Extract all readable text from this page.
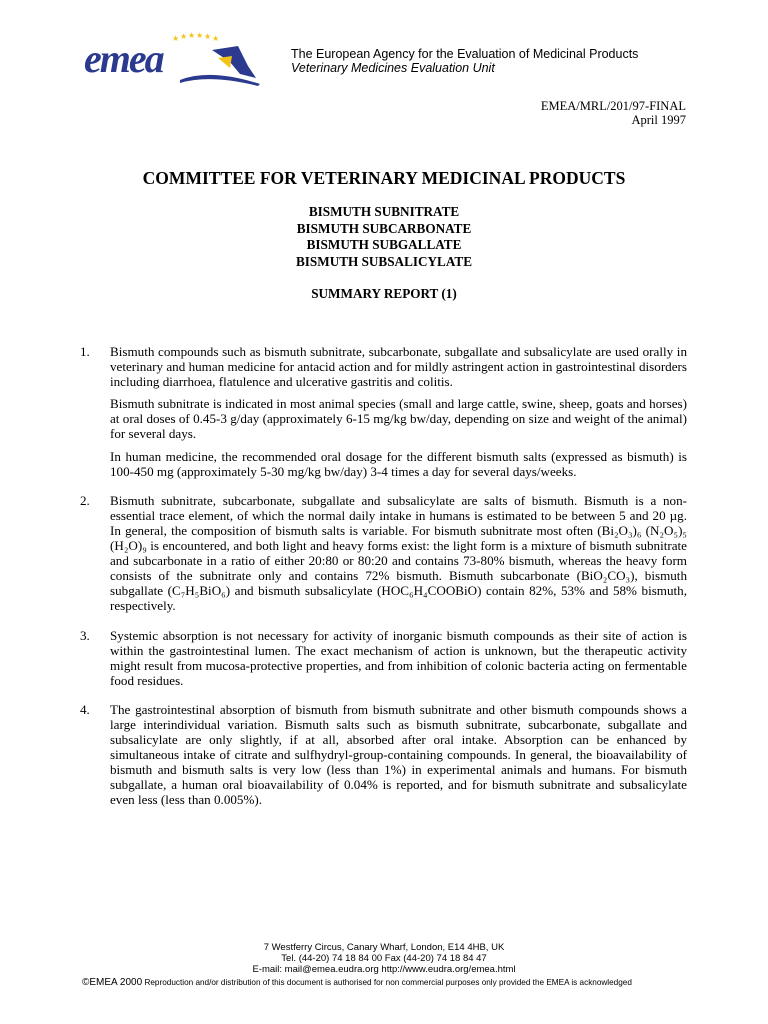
★ ★ ★ ★ ★ ★
emea	The European Agency for the Evaluation of Medicinal Products
Veterinary Medicines Evaluation Unit
EMEA/MRL/201/97-FINAL
April 1997
COMMITTEE FOR VETERINARY MEDICINAL PRODUCTS
BISMUTH SUBNITRATE
BISMUTH SUBCARBONATE
BISMUTH SUBGALLATE
BISMUTH SUBSALICYLATE
SUMMARY REPORT (1)
1.	Bismuth compounds such as bismuth subnitrate, subcarbonate, subgallate and subsalicylate are used orally in veterinary and human medicine for antacid action and for mildly astringent action in gastrointestinal disorders including diarrhoea, flatulence and ulcerative gastritis and colitis.

Bismuth subnitrate is indicated in most animal species (small and large cattle, swine, sheep, goats and horses) at oral doses of 0.45-3 g/day (approximately 6-15 mg/kg bw/day, depending on size and weight of the animal) for several days.

In human medicine, the recommended oral dosage for the different bismuth salts (expressed as bismuth) is 100-450 mg (approximately 5-30 mg/kg bw/day) 3-4 times a day for several days/weeks.

2.	Bismuth subnitrate, subcarbonate, subgallate and subsalicylate are salts of bismuth. Bismuth is a non-essential trace element, of which the normal daily intake in humans is estimated to be between 5 and 20 µg. In general, the composition of bismuth salts is variable. For bismuth subnitrate most often (Bi₂O₃)₆ (N₂O₅)₅ (H₂O)₉ is encountered, and both light and heavy forms exist: the light form is a mixture of bismuth subnitrate and subcarbonate in a ratio of either 20:80 or 80:20 and contains 73-80% bismuth, whereas the heavy form consists of the subnitrate only and contains 72% bismuth. Bismuth subcarbonate (BiO₂CO₃), bismuth subgallate (C₇H₅BiO₆) and bismuth subsalicylate (HOC₆H₄COOBiO) contain 82%, 53% and 58% bismuth, respectively.

3.	Systemic absorption is not necessary for activity of inorganic bismuth compounds as their site of action is within the gastrointestinal lumen. The exact mechanism of action is unknown, but the therapeutic activity might result from mucosa-protective properties, and from inhibition of colonic bacteria acting on fermentable food residues.

4.	The gastrointestinal absorption of bismuth from bismuth subnitrate and other bismuth compounds shows a large interindividual variation. Bismuth salts such as bismuth subnitrate, subcarbonate, subgallate and subsalicylate are only slightly, if at all, absorbed after oral intake. Absorption can be enhanced by simultaneous intake of citrate and sulfhydryl-group-containing compounds. In general, the bioavailability of bismuth and bismuth salts is very low (less than 1%) in experimental animals and humans. For bismuth subgallate, a human oral bioavailability of 0.04% is reported, and for bismuth subnitrate and subsalicylate even less (less than 0.005%).

7 Westferry Circus, Canary Wharf, London, E14 4HB, UK
Tel. (44-20) 74 18 84 00 Fax (44-20) 74 18 84 47
E-mail: mail@emea.eudra.org http://www.eudra.org/emea.html
©EMEA 2000 Reproduction and/or distribution of this document is authorised for non commercial purposes only provided the EMEA is acknowledged
